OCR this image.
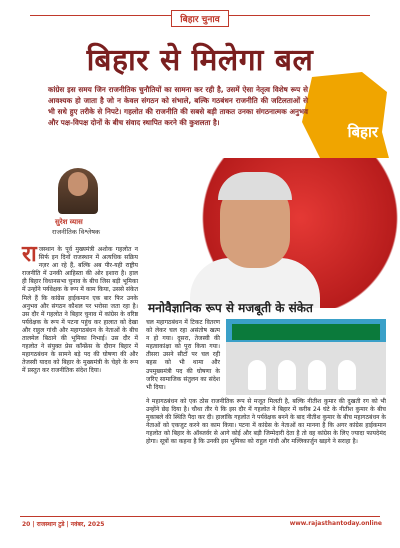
बिहार चुनाव
बिहार से मिलेगा बल
बिहार
कांग्रेस इस समय जिन राजनीतिक चुनौतियों का सामना कर रही है, उसमें ऐसा नेतृत्व विशेष रूप से आवश्यक हो जाता है जो न केवल संगठन को संभाले, बल्कि गठबंधन राजनीति की जटिलताओं से भी सधे हुए तरीके से निपटे। गहलोत की राजनीति की सबसे बड़ी ताकत उनका संगठनात्मक अनुभव और पक्ष-विपक्ष दोनों के बीच संवाद स्थापित करने की कुशलता है।
सुरेश व्यास
राजनीतिक विश्लेषक
मनोवैज्ञानिक रूप से मजबूती के संकेत
रा जस्थान के पूर्व मुख्यमंत्री अशोक गहलोत न सिर्फ इन दिनों राजस्थान में अत्यधिक सक्रिय नज़र आ रहे हैं, बल्कि अब पीर-यही राष्ट्रीय राजनीति में उनकी आहिस्ता की ओर इशारा है। हाल ही बिहार विधानसभा चुनाव के बीच जिस बड़ी भूमिका में उन्होंने पर्यवेक्षक के रूप में काम किया, उससे संकेत मिले हैं कि कांग्रेस हाईकमान एक बार फिर उनके अनुभव और संगठन कौशल पर भरोसा जता रहा है। उस दौर में गहलोत ने बिहार चुनाव में कांग्रेस के वरिष्ठ पर्यवेक्षक के रूप में पटना पहुंच कर हालात को देखा और राहुल गांधी और महागठबंधन के नेताओं के बीच तालमेल बिठाने की भूमिका निभाई। उस दौर में गहलोत ने संयुक्त प्रेस कॉन्फ्रेंस के दौरान बिहार में महागठबंधन के सामने बड़े पद की घोषणा की और तेजस्वी यादव को बिहार के मुख्यमंत्री के चेहरे के रूप में प्रस्तुत कर राजनीतिक संदेश दिया।
चल महागठबंधन में टिकट वितरण को लेकर चल रहा असंतोष खत्म न हो गया। दूसरा, तेजस्वी की महत्वाकांक्षा को पूरा किया गया। तीसरा उसने सीटों पर चल रही बहस को भी थामा और उपमुख्यमंत्री पद की घोषणा के जरिए सामाजिक संतुलन का संदेश भी दिया।
ने महागठबंधन को एक ठोस राजनीतिक रूप से मजूत मिलती है, बल्कि नीतीश कुमार की दुखती रग को भी उन्होंने छेड़ दिया है। चौथा तीर ये कि इस दौर में गहलोत ने बिहार में करीब 24 घंटे के नीतीश कुमार के बीच मुकाबले की स्थिति पैदा कर दी। हालांकि गहलोत ने पर्यवेक्षक बनने के बाद नीतीश कुमार के बीच महागठबंधन के नेताओं को एकजुट करने का काम किया। पटना में कांग्रेस के नेताओं का मानना है कि अगर कांग्रेस हाईकमान गहलोत को बिहार के ऑब्जर्वर से आगे कोई और बड़ी जिम्मेदारी देता है तो वह कांग्रेस के लिए ज्यादा फायदेमंद होगा। सूत्रों का कहना है कि उनकी इस भूमिका को राहुल गांधी और मल्लिकार्जुन खड़गे ने सराहा है।
20 | राजस्थान टुडे | नवंबर, 2025	www.rajasthantoday.online
